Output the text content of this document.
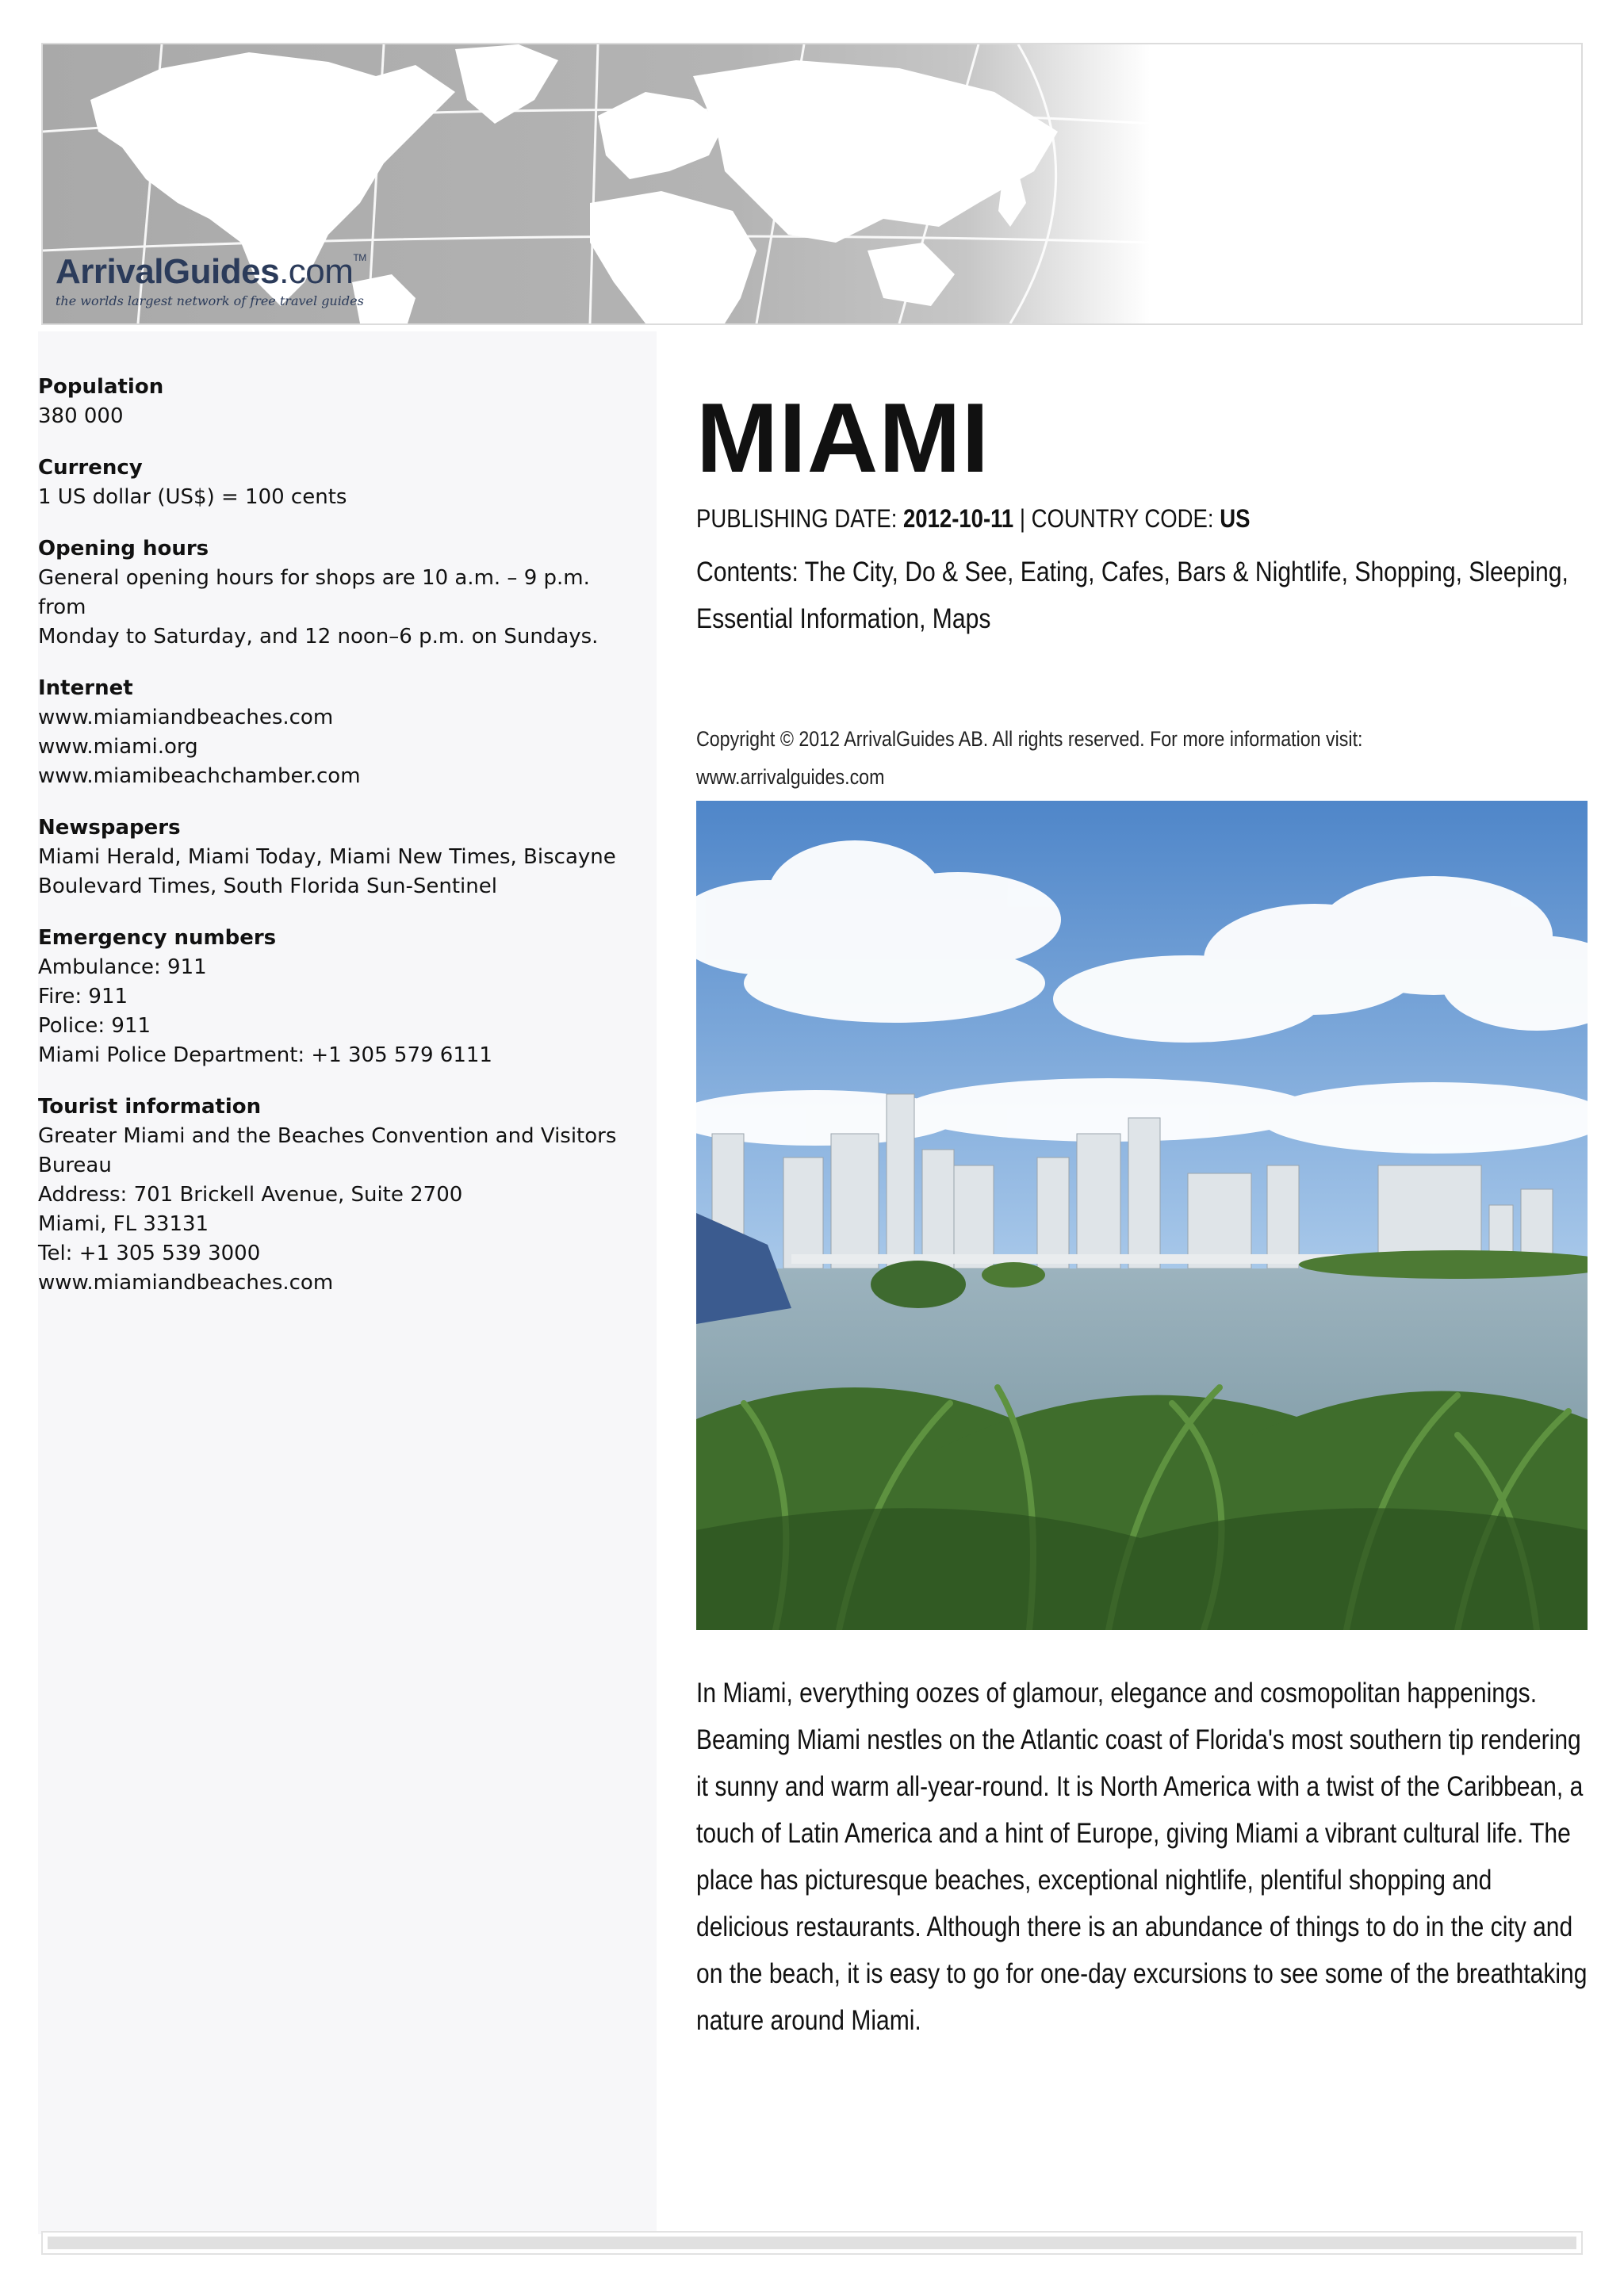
ArrivalGuides.com™
the worlds largest network of free travel guides
Population
380 000
Currency
1 US dollar (US$) = 100 cents
Opening hours
General opening hours for shops are 10 a.m. – 9 p.m. from
Monday to Saturday, and 12 noon–6 p.m. on Sundays.
Internet
www.miamiandbeaches.com
www.miami.org
www.miamibeachchamber.com
Newspapers
Miami Herald, Miami Today, Miami New Times, Biscayne
Boulevard Times, South Florida Sun-Sentinel
Emergency numbers
Ambulance: 911
Fire: 911
Police: 911
Miami Police Department: +1 305 579 6111
Tourist information
Greater Miami and the Beaches Convention and Visitors
Bureau
Address: 701 Brickell Avenue, Suite 2700
Miami, FL 33131
Tel: +1 305 539 3000
www.miamiandbeaches.com
MIAMI
PUBLISHING DATE: 2012-10-11 | COUNTRY CODE: US
Contents: The City, Do & See, Eating, Cafes, Bars & Nightlife, Shopping, Sleeping, Essential Information, Maps
Copyright © 2012 ArrivalGuides AB. All rights reserved. For more information visit:
www.arrivalguides.com

In Miami, everything oozes of glamour, elegance and cosmopolitan happenings. Beaming Miami nestles on the Atlantic coast of Florida's most southern tip rendering it sunny and warm all-year-round. It is North America with a twist of the Caribbean, a touch of Latin America and a hint of Europe, giving Miami a vibrant cultural life. The place has picturesque beaches, exceptional nightlife, plentiful shopping and delicious restaurants. Although there is an abundance of things to do in the city and on the beach, it is easy to go for one-day excursions to see some of the breathtaking nature around Miami.
